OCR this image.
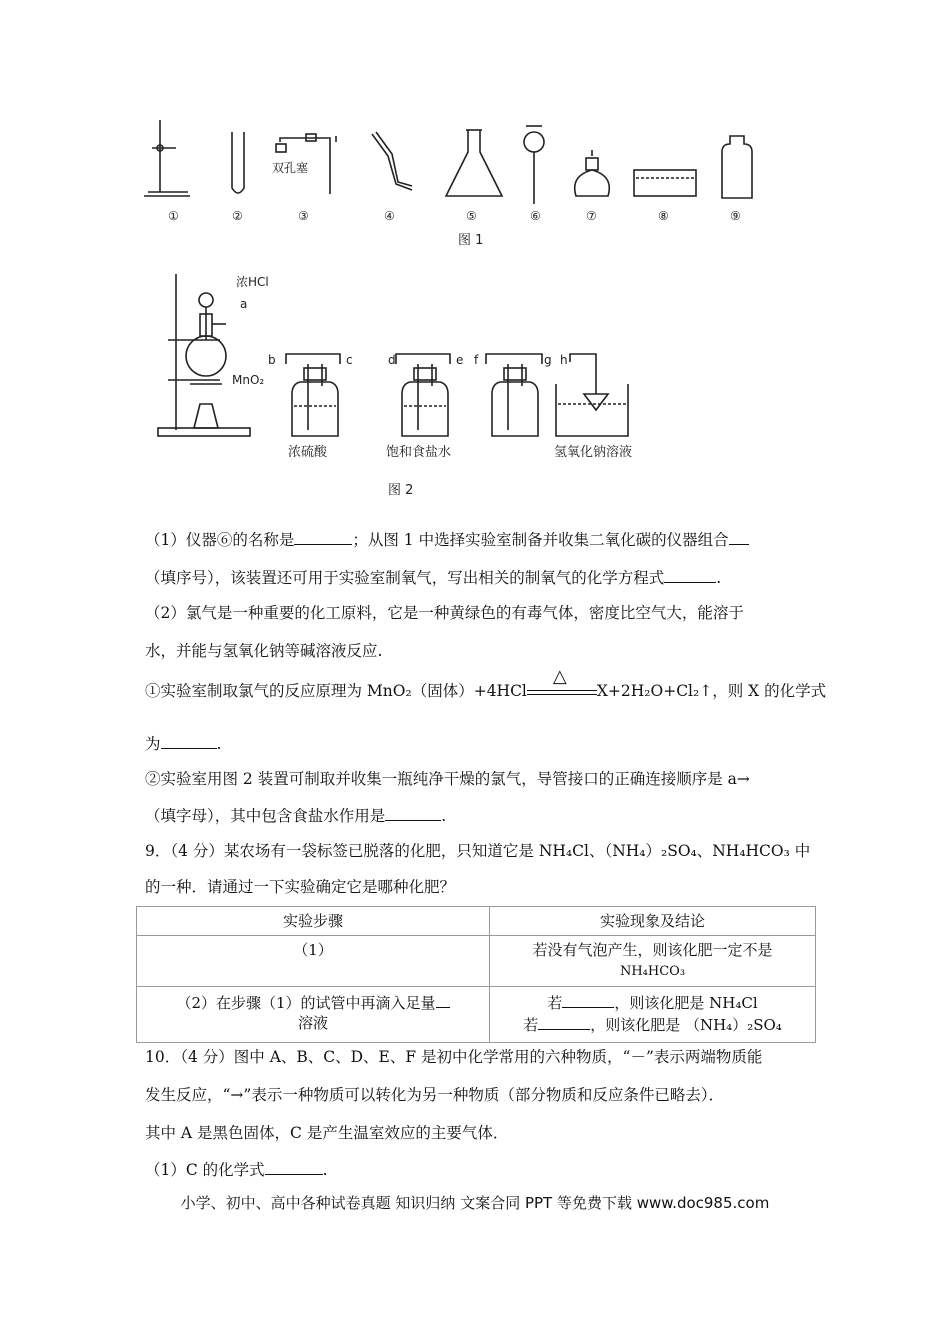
双孔塞
①	②	③	④	⑤	⑥	⑦	⑧	⑨
图 1
浓HCl
a
MnO₂
b	c	d	e f	g h
浓硫酸	饱和食盐水	氢氧化钠溶液
图 2
（1）仪器⑥的名称是	；从图 1 中选择实验室制备并收集二氧化碳的仪器组合
（填序号），该装置还可用于实验室制氧气，写出相关的制氧气的化学方程式	.
（2）氯气是一种重要的化工原料，它是一种黄绿色的有毒气体，密度比空气大，能溶于
水，并能与氢氧化钠等碱溶液反应.
①实验室制取氯气的反应原理为 MnO₂（固体）+4HCl
△
X+2H₂O+Cl₂↑，则 X 的化学式
为	.
②实验室用图 2 装置可制取并收集一瓶纯净干燥的氯气，导管接口的正确连接顺序是 a→
（填字母），其中包含食盐水作用是	.
9．（4 分）某农场有一袋标签已脱落的化肥，只知道它是 NH₄Cl、（NH₄）₂SO₄、NH₄HCO₃ 中
的一种．请通过一下实验确定它是哪种化肥？
实验步骤	实验现象及结论
（1）	若没有气泡产生，则该化肥一定不是
NH₄HCO₃
（2）在步骤（1）的试管中再滴入足量
溶液	若 ，则该化肥是 NH₄Cl
若 ，则该化肥是 （NH₄）₂SO₄
10．（4 分）图中 A、B、C、D、E、F 是初中化学常用的六种物质，“－”表示两端物质能
发生反应，“→”表示一种物质可以转化为另一种物质（部分物质和反应条件已略去）．
其中 A 是黑色固体，C 是产生温室效应的主要气体．
（1）C 的化学式	.
小学、初中、高中各种试卷真题 知识归纳 文案合同 PPT 等免费下载 www.doc985.com
